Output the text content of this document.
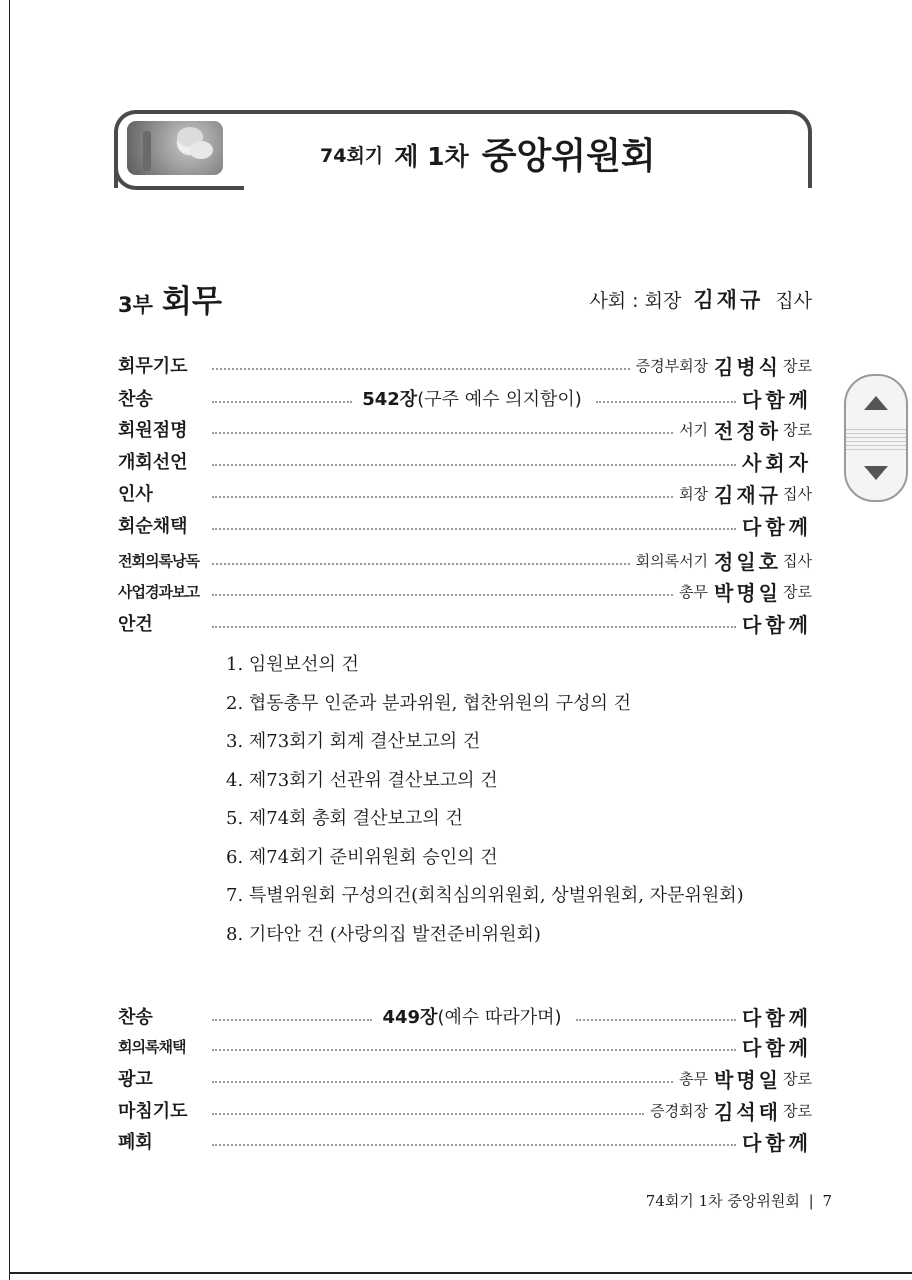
74회기 제 1차 중앙위원회
3부 회무	사회 : 회장 김재규 집사
회무기도	증경부회장 김병식 장로
찬송	542장(구주 예수 의지함이)	다함께
회원점명	서기 전정하 장로
개회선언	사회자
인사	회장 김재규 집사
회순채택	다함께
전회의록낭독	회의록서기 정일호 집사
사업경과보고	총무 박명일 장로
안건	다함께
1. 임원보선의 건
2. 협동총무 인준과 분과위원, 협찬위원의 구성의 건
3. 제73회기 회계 결산보고의 건
4. 제73회기 선관위 결산보고의 건
5. 제74회 총회 결산보고의 건
6. 제74회기 준비위원회 승인의 건
7. 특별위원회 구성의건(회칙심의위원회, 상벌위원회, 자문위원회)
8. 기타안 건 (사랑의집 발전준비위원회)
찬송	449장(예수 따라가며)	다함께
회의록채택	다함께
광고	총무 박명일 장로
마침기도	증경회장 김석태 장로
폐회	다함께
74회기 1차 중앙위원회 | 7
